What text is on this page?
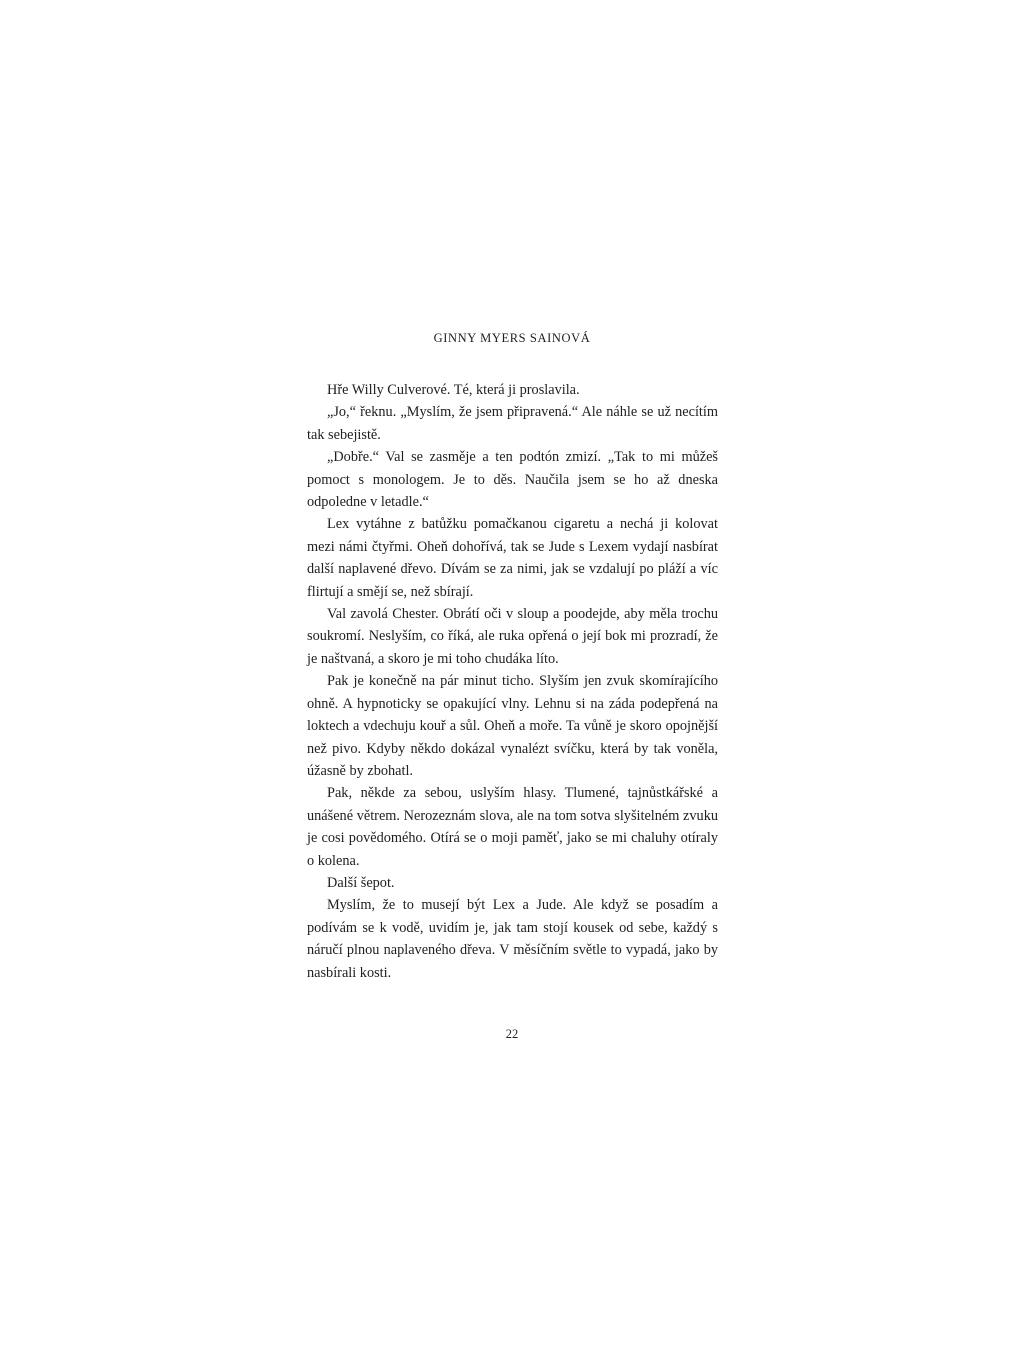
GINNY MYERS SAINOVÁ

Hře Willy Culverové. Té, která ji proslavila.

„Jo,“ řeknu. „Myslím, že jsem připravená.“ Ale náhle se už necítím tak sebejistě.

„Dobře.“ Val se zasměje a ten podtón zmizí. „Tak to mi můžeš pomoct s monologem. Je to děs. Naučila jsem se ho až dneska odpoledne v letadle.“

Lex vytáhne z batůžku pomačkanou cigaretu a nechá ji kolovat mezi námi čtyřmi. Oheň dohořívá, tak se Jude s Lexem vydají nasbírat další naplavené dřevo. Dívám se za nimi, jak se vzdalují po pláží a víc flirtují a smějí se, než sbírají.

Val zavolá Chester. Obrátí oči v sloup a poodejde, aby měla trochu soukromí. Neslyším, co říká, ale ruka opřená o její bok mi prozradí, že je naštvaná, a skoro je mi toho chudáka líto.

Pak je konečně na pár minut ticho. Slyším jen zvuk skomírajícího ohně. A hypnoticky se opakující vlny. Lehnu si na záda podepřená na loktech a vdechuju kouř a sůl. Oheň a moře. Ta vůně je skoro opojnější než pivo. Kdyby někdo dokázal vynalézt svíčku, která by tak voněla, úžasně by zbohatl.

Pak, někde za sebou, uslyším hlasy. Tlumené, tajnůstkářské a unášené větrem. Nerozeznám slova, ale na tom sotva slyšitelném zvuku je cosi povědomého. Otírá se o moji paměť, jako se mi chaluhy otíraly o kolena.

Další šepot.

Myslím, že to musejí být Lex a Jude. Ale když se posadím a podívám se k vodě, uvidím je, jak tam stojí kousek od sebe, každý s náručí plnou naplaveného dřeva. V měsíčním světle to vypadá, jako by nasbírali kosti.

22
